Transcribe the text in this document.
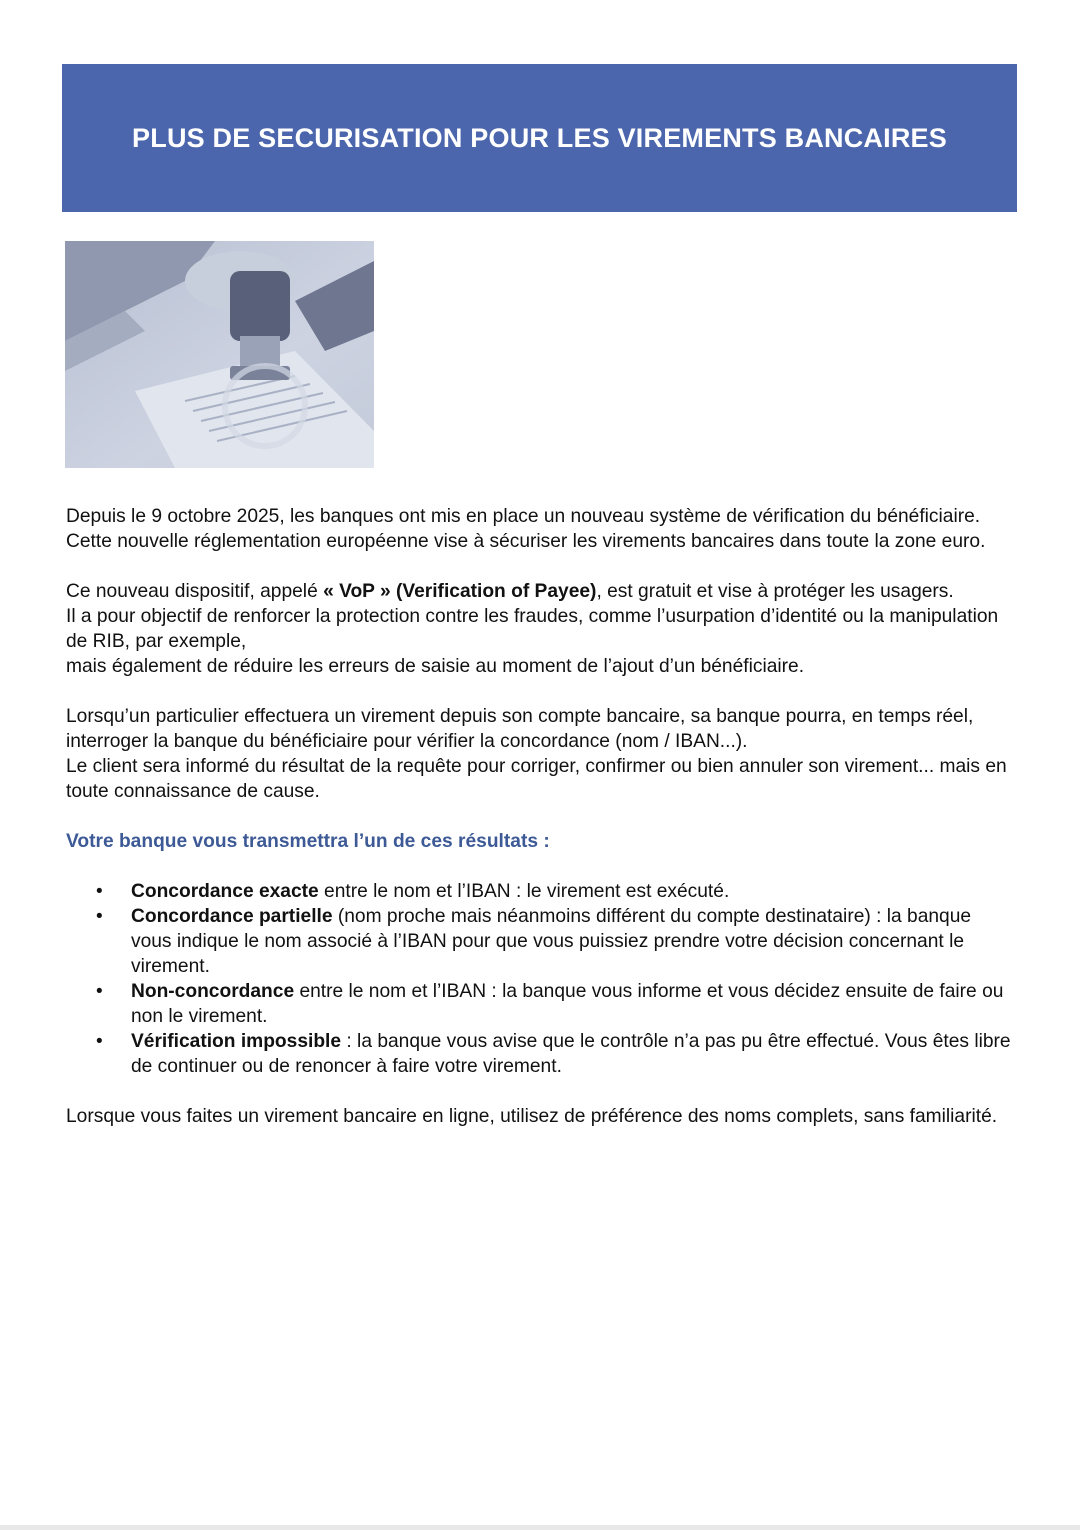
PLUS DE SECURISATION POUR LES VIREMENTS BANCAIRES

Depuis le 9 octobre 2025, les banques ont mis en place un nouveau système de vérification du bénéficiaire.
Cette nouvelle réglementation européenne vise à sécuriser les virements bancaires dans toute la zone euro.

Ce nouveau dispositif, appelé « VoP » (Verification of Payee), est gratuit et vise à protéger les usagers.
Il a pour objectif de renforcer la protection contre les fraudes, comme l’usurpation d’identité ou la manipulation de RIB, par exemple,
mais également de réduire les erreurs de saisie au moment de l’ajout d’un bénéficiaire.

Lorsqu’un particulier effectuera un virement depuis son compte bancaire, sa banque pourra, en temps réel, interroger la banque du bénéficiaire pour vérifier la concordance (nom / IBAN...).
Le client sera informé du résultat de la requête pour corriger, confirmer ou bien annuler son virement... mais en toute connaissance de cause.

Votre banque vous transmettra l’un de ces résultats :

• Concordance exacte entre le nom et l’IBAN : le virement est exécuté.
• Concordance partielle (nom proche mais néanmoins différent du compte destinataire) : la banque vous indique le nom associé à l’IBAN pour que vous puissiez prendre votre décision concernant le virement.
• Non-concordance entre le nom et l’IBAN : la banque vous informe et vous décidez ensuite de faire ou non le virement.
• Vérification impossible : la banque vous avise que le contrôle n’a pas pu être effectué. Vous êtes libre de continuer ou de renoncer à faire votre virement.

Lorsque vous faites un virement bancaire en ligne, utilisez de préférence des noms complets, sans familiarité.
